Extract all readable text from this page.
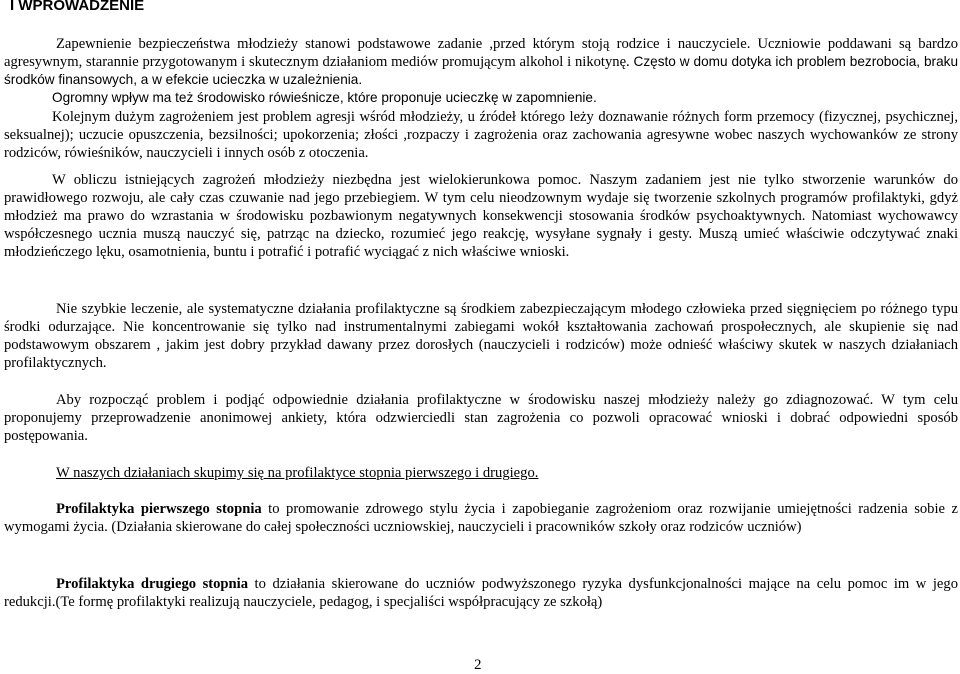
I WPROWADZENIE
Zapewnienie bezpieczeństwa młodzieży stanowi podstawowe zadanie ,przed którym stoją rodzice i nauczyciele. Uczniowie poddawani są bardzo agresywnym, starannie przygotowanym i skutecznym działaniom mediów promującym alkohol i nikotynę. Często w domu dotyka ich problem bezrobocia, braku środków finansowych, a w efekcie ucieczka w uzależnienia.
Ogromny wpływ ma też środowisko rówieśnicze, które proponuje ucieczkę w zapomnienie.
Kolejnym dużym zagrożeniem jest problem agresji wśród młodzieży, u źródeł którego leży doznawanie różnych form przemocy (fizycznej, psychicznej, seksualnej); uczucie opuszczenia, bezsilności; upokorzenia; złości ,rozpaczy i zagrożenia oraz zachowania agresywne wobec naszych wychowanków ze strony rodziców, rówieśników, nauczycieli i innych osób z otoczenia.
W obliczu istniejących zagrożeń młodzieży niezbędna jest wielokierunkowa pomoc. Naszym zadaniem jest nie tylko stworzenie warunków do prawidłowego rozwoju, ale cały czas czuwanie nad jego przebiegiem. W tym celu nieodzownym wydaje się tworzenie szkolnych programów profilaktyki, gdyż młodzież ma prawo do wzrastania w środowisku pozbawionym negatywnych konsekwencji stosowania środków psychoaktywnych. Natomiast wychowawcy współczesnego ucznia muszą nauczyć się, patrząc na dziecko, rozumieć jego reakcję, wysyłane sygnały i gesty. Muszą umieć właściwie odczytywać znaki młodzieńczego lęku, osamotnienia, buntu i potrafić i potrafić wyciągać z nich właściwe wnioski.
Nie szybkie leczenie, ale systematyczne działania profilaktyczne są środkiem zabezpieczającym młodego człowieka przed sięgnięciem po różnego typu środki odurzające. Nie koncentrowanie się tylko nad instrumentalnymi zabiegami wokół kształtowania zachowań prospołecznych, ale skupienie się nad podstawowym obszarem , jakim jest dobry przykład dawany przez dorosłych (nauczycieli i rodziców) może odnieść właściwy skutek w naszych działaniach profilaktycznych.
Aby rozpocząć problem i podjąć odpowiednie działania profilaktyczne w środowisku naszej młodzieży należy go zdiagnozować. W tym celu proponujemy przeprowadzenie anonimowej ankiety, która odzwierciedli stan zagrożenia co pozwoli opracować wnioski i dobrać odpowiedni sposób postępowania.
W naszych działaniach skupimy się na profilaktyce stopnia pierwszego i drugiego.
Profilaktyka pierwszego stopnia to promowanie zdrowego stylu życia i zapobieganie zagrożeniom oraz rozwijanie umiejętności radzenia sobie z wymogami życia. (Działania skierowane do całej społeczności uczniowskiej, nauczycieli i pracowników szkoły oraz rodziców uczniów)
Profilaktyka drugiego stopnia to działania skierowane do uczniów podwyższonego ryzyka dysfunkcjonalności mające na celu pomoc im w jego redukcji.(Te formę profilaktyki realizują nauczyciele, pedagog, i specjaliści współpracujący ze szkołą)
2
